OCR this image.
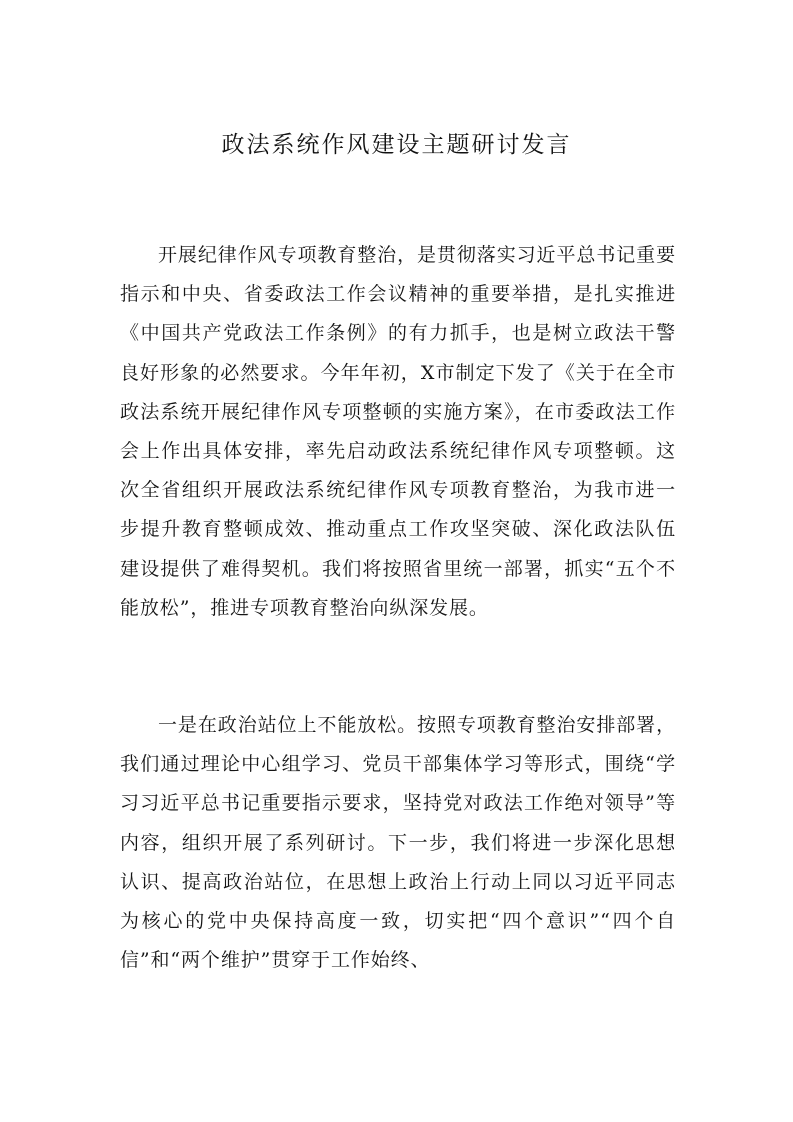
政法系统作风建设主题研讨发言

开展纪律作风专项教育整治，是贯彻落实习近平总书记重要指示和中央、省委政法工作会议精神的重要举措，是扎实推进《中国共产党政法工作条例》的有力抓手，也是树立政法干警良好形象的必然要求。今年年初，X市制定下发了《关于在全市政法系统开展纪律作风专项整顿的实施方案》，在市委政法工作会上作出具体安排，率先启动政法系统纪律作风专项整顿。这次全省组织开展政法系统纪律作风专项教育整治，为我市进一步提升教育整顿成效、推动重点工作攻坚突破、深化政法队伍建设提供了难得契机。我们将按照省里统一部署，抓实“五个不能放松”，推进专项教育整治向纵深发展。

一是在政治站位上不能放松。按照专项教育整治安排部署，我们通过理论中心组学习、党员干部集体学习等形式，围绕“学习习近平总书记重要指示要求，坚持党对政法工作绝对领导”等内容，组织开展了系列研讨。下一步，我们将进一步深化思想认识、提高政治站位，在思想上政治上行动上同以习近平同志为核心的党中央保持高度一致，切实把“四个意识”“四个自信”和“两个维护”贯穿于工作始终、
